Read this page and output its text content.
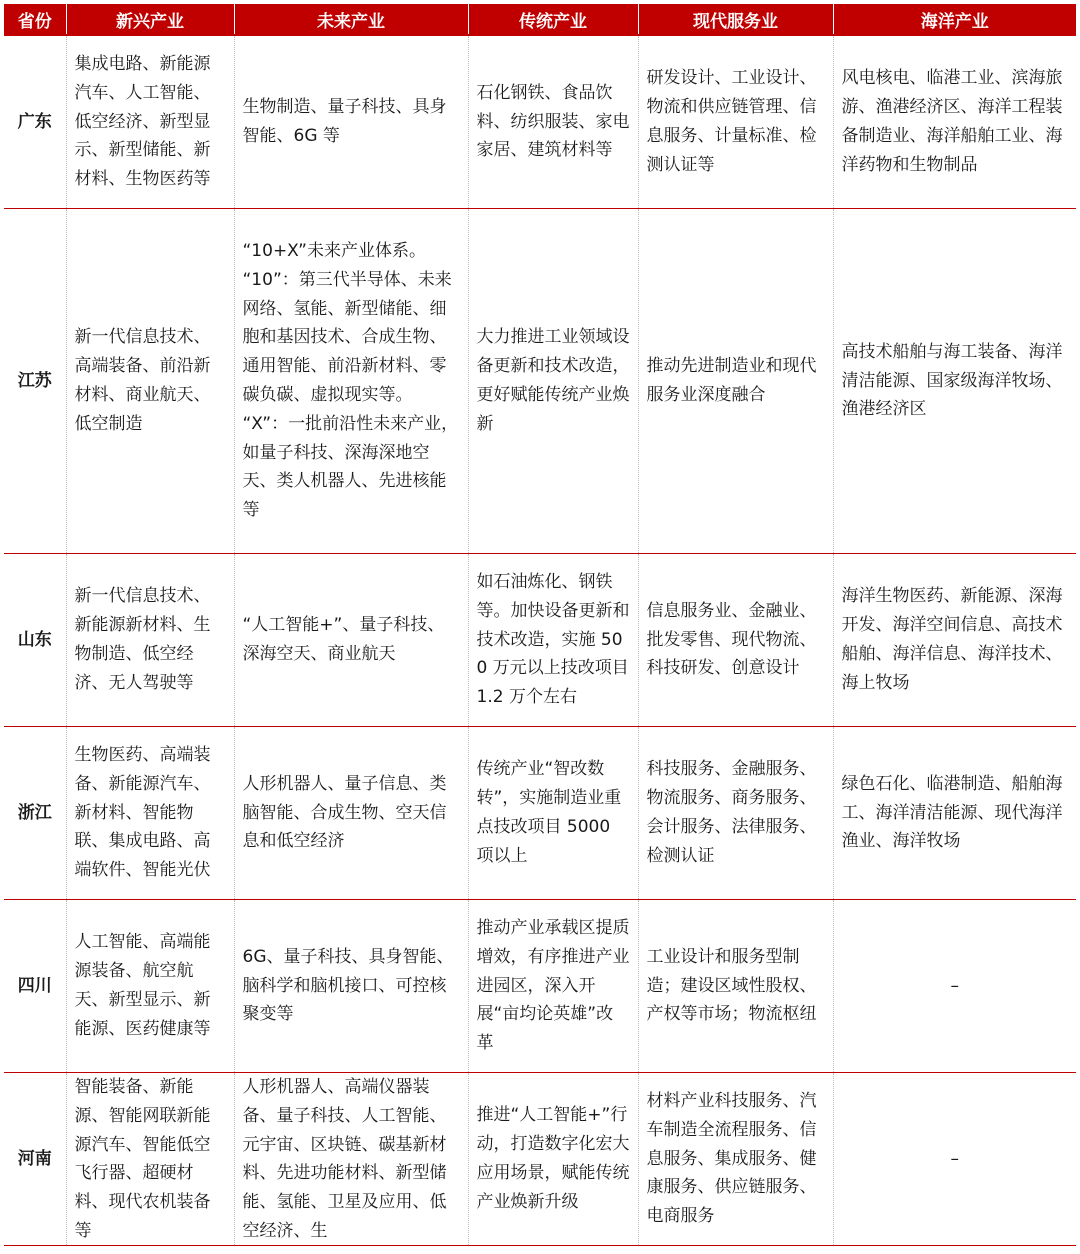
省份	新兴产业	未来产业	传统产业	现代服务业	海洋产业
广东	集成电路、新能源汽车、人工智能、低空经济、新型显示、新型储能、新材料、生物医药等	生物制造、量子科技、具身智能、6G 等	石化钢铁、食品饮料、纺织服装、家电家居、建筑材料等	研发设计、工业设计、物流和供应链管理、信息服务、计量标准、检测认证等	风电核电、临港工业、滨海旅游、渔港经济区、海洋工程装备制造业、海洋船舶工业、海洋药物和生物制品

江苏	新一代信息技术、高端装备、前沿新材料、商业航天、低空制造	“10+X”未来产业体系。
“10”：第三代半导体、未来网络、氢能、新型储能、细胞和基因技术、合成生物、通用智能、前沿新材料、零碳负碳、虚拟现实等。
“X”：一批前沿性未来产业，如量子科技、深海深地空天、类人机器人、先进核能等	大力推进工业领域设备更新和技术改造，更好赋能传统产业焕新	推动先进制造业和现代服务业深度融合	高技术船舶与海工装备、海洋清洁能源、国家级海洋牧场、渔港经济区

山东	新一代信息技术、新能源新材料、生物制造、低空经济、无人驾驶等	“人工智能+”、量子科技、深海空天、商业航天	如石油炼化、钢铁等。加快设备更新和技术改造，实施 500 万元以上技改项目 1.2 万个左右	信息服务业、金融业、批发零售、现代物流、科技研发、创意设计	海洋生物医药、新能源、深海开发、海洋空间信息、高技术船舶、海洋信息、海洋技术、海上牧场

浙江	生物医药、高端装备、新能源汽车、新材料、智能物联、集成电路、高端软件、智能光伏	人形机器人、量子信息、类脑智能、合成生物、空天信息和低空经济	传统产业“智改数转”，实施制造业重点技改项目 5000 项以上	科技服务、金融服务、物流服务、商务服务、会计服务、法律服务、检测认证	绿色石化、临港制造、船舶海工、海洋清洁能源、现代海洋渔业、海洋牧场

四川	人工智能、高端能源装备、航空航天、新型显示、新能源、医药健康等	6G、量子科技、具身智能、脑科学和脑机接口、可控核聚变等	推动产业承载区提质增效，有序推进产业进园区，深入开展“亩均论英雄”改革	工业设计和服务型制造；建设区域性股权、产权等市场；物流枢纽	–

河南	智能装备、新能源、智能网联新能源汽车、智能低空飞行器、超硬材料、现代农机装备等	人形机器人、高端仪器装备、量子科技、人工智能、元宇宙、区块链、碳基新材料、先进功能材料、新型储能、氢能、卫星及应用、低空经济、生	推进“人工智能+”行动，打造数字化宏大应用场景，赋能传统产业焕新升级	材料产业科技服务、汽车制造全流程服务、信息服务、集成服务、健康服务、供应链服务、电商服务	–
